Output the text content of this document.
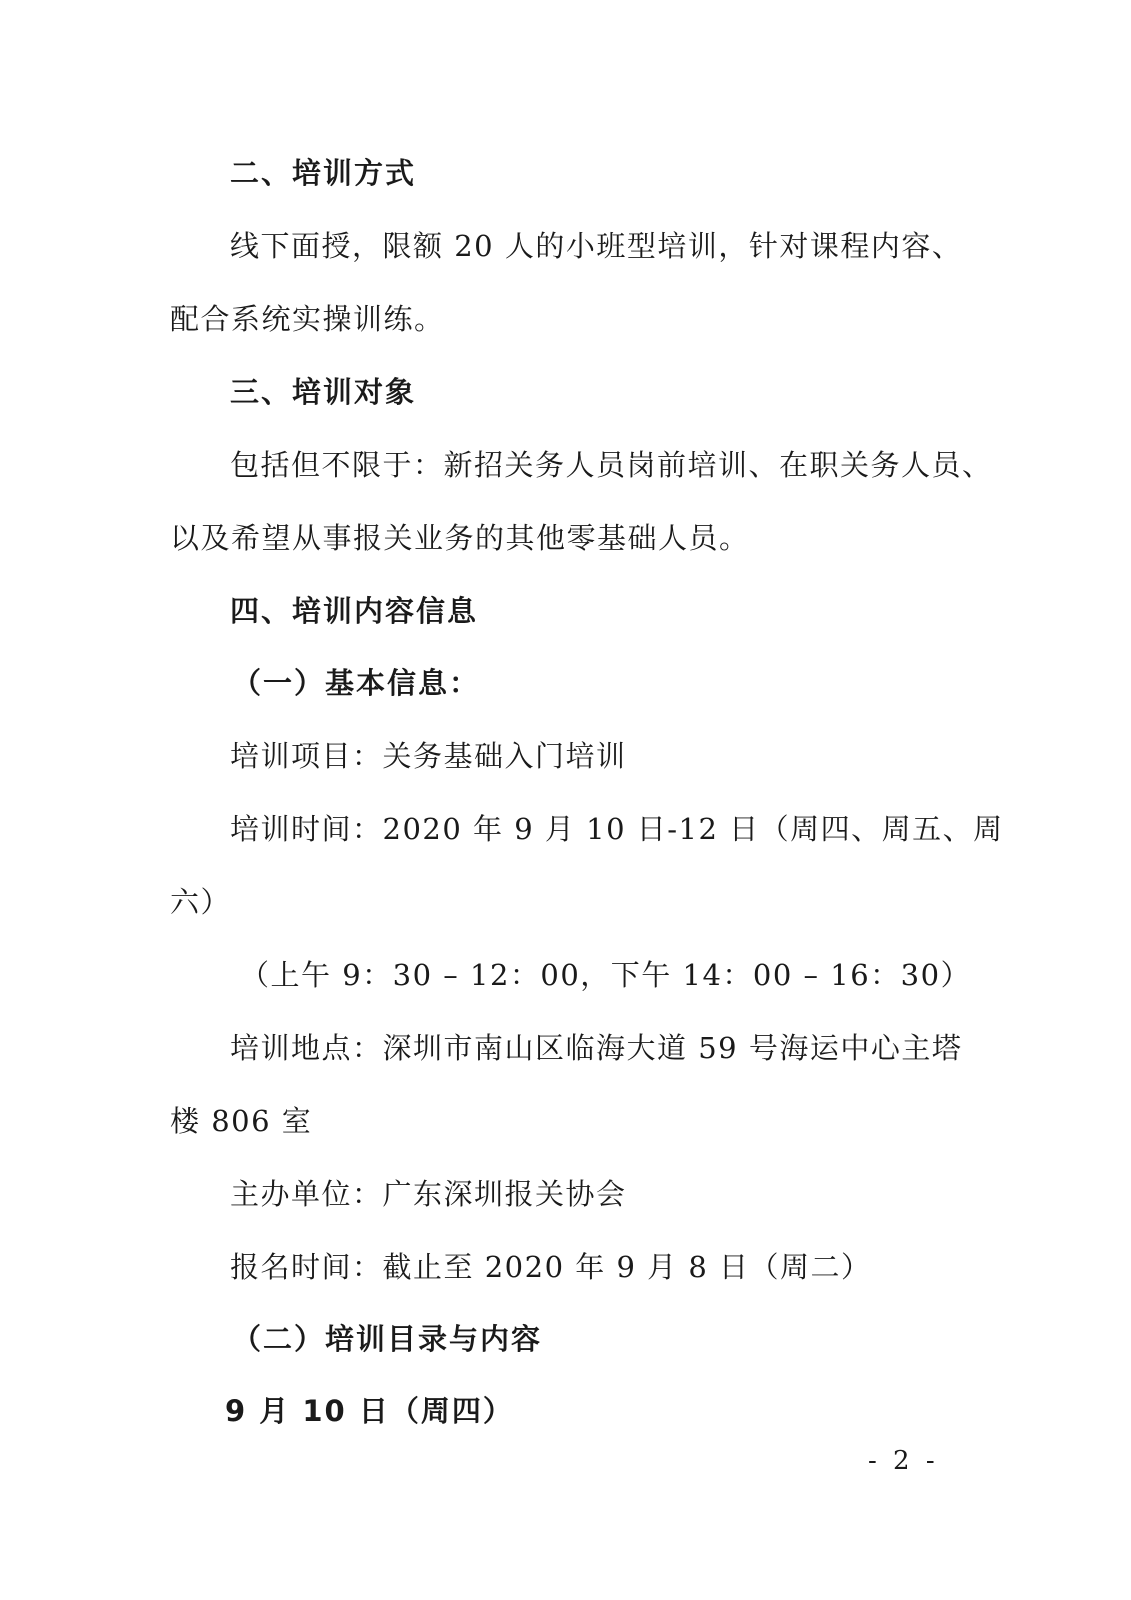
二、培训方式
线下面授，限额 20 人的小班型培训，针对课程内容、
配合系统实操训练。
三、培训对象
包括但不限于：新招关务人员岗前培训、在职关务人员、
以及希望从事报关业务的其他零基础人员。
四、培训内容信息
（一）基本信息：
培训项目：关务基础入门培训
培训时间：2020 年 9 月 10 日-12 日（周四、周五、周
六）
（上午 9：30 – 12：00，下午 14：00 – 16：30）
培训地点：深圳市南山区临海大道 59 号海运中心主塔
楼 806 室
主办单位：广东深圳报关协会
报名时间：截止至 2020 年 9 月 8 日（周二）
（二）培训目录与内容
9 月 10 日（周四）
- 2 -
